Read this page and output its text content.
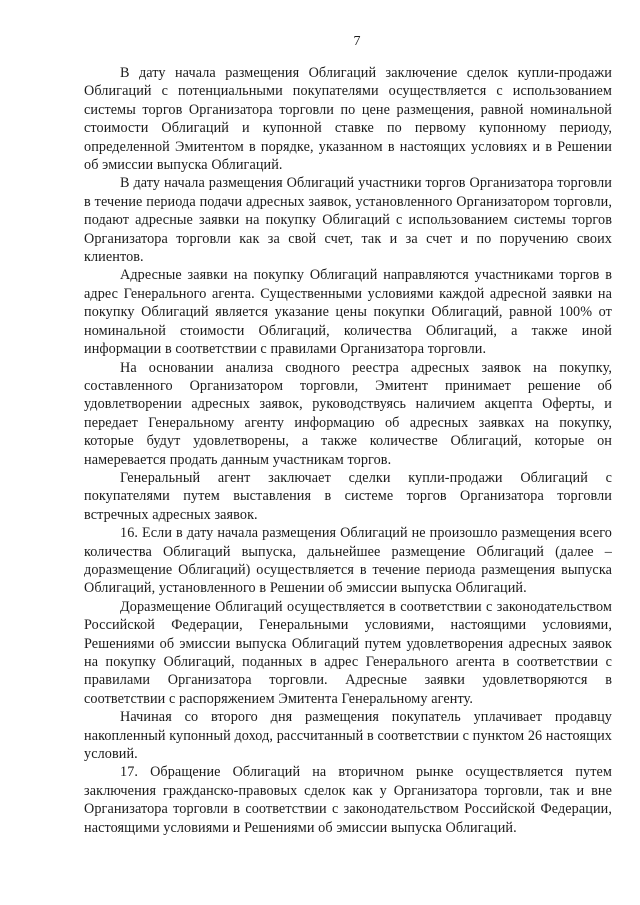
7

В дату начала размещения Облигаций заключение сделок купли-продажи Облигаций с потенциальными покупателями осуществляется с использованием системы торгов Организатора торговли по цене размещения, равной номинальной стоимости Облигаций и купонной ставке по первому купонному периоду, определенной Эмитентом в порядке, указанном в настоящих условиях и в Решении об эмиссии выпуска Облигаций.

В дату начала размещения Облигаций участники торгов Организатора торговли в течение периода подачи адресных заявок, установленного Организатором торговли, подают адресные заявки на покупку Облигаций с использованием системы торгов Организатора торговли как за свой счет, так и за счет и по поручению своих клиентов.

Адресные заявки на покупку Облигаций направляются участниками торгов в адрес Генерального агента. Существенными условиями каждой адресной заявки на покупку Облигаций является указание цены покупки Облигаций, равной 100% от номинальной стоимости Облигаций, количества Облигаций, а также иной информации в соответствии с правилами Организатора торговли.

На основании анализа сводного реестра адресных заявок на покупку, составленного Организатором торговли, Эмитент принимает решение об удовлетворении адресных заявок, руководствуясь наличием акцепта Оферты, и передает Генеральному агенту информацию об адресных заявках на покупку, которые будут удовлетворены, а также количестве Облигаций, которые он намеревается продать данным участникам торгов.

Генеральный агент заключает сделки купли-продажи Облигаций с покупателями путем выставления в системе торгов Организатора торговли встречных адресных заявок.

16. Если в дату начала размещения Облигаций не произошло размещения всего количества Облигаций выпуска, дальнейшее размещение Облигаций (далее – доразмещение Облигаций) осуществляется в течение периода размещения выпуска Облигаций, установленного в Решении об эмиссии выпуска Облигаций.

Доразмещение Облигаций осуществляется в соответствии с законодательством Российской Федерации, Генеральными условиями, настоящими условиями, Решениями об эмиссии выпуска Облигаций путем удовлетворения адресных заявок на покупку Облигаций, поданных в адрес Генерального агента в соответствии с правилами Организатора торговли. Адресные заявки удовлетворяются в соответствии с распоряжением Эмитента Генеральному агенту.

Начиная со второго дня размещения покупатель уплачивает продавцу накопленный купонный доход, рассчитанный в соответствии с пунктом 26 настоящих условий.

17. Обращение Облигаций на вторичном рынке осуществляется путем заключения гражданско-правовых сделок как у Организатора торговли, так и вне Организатора торговли в соответствии с законодательством Российской Федерации, настоящими условиями и Решениями об эмиссии выпуска Облигаций.
